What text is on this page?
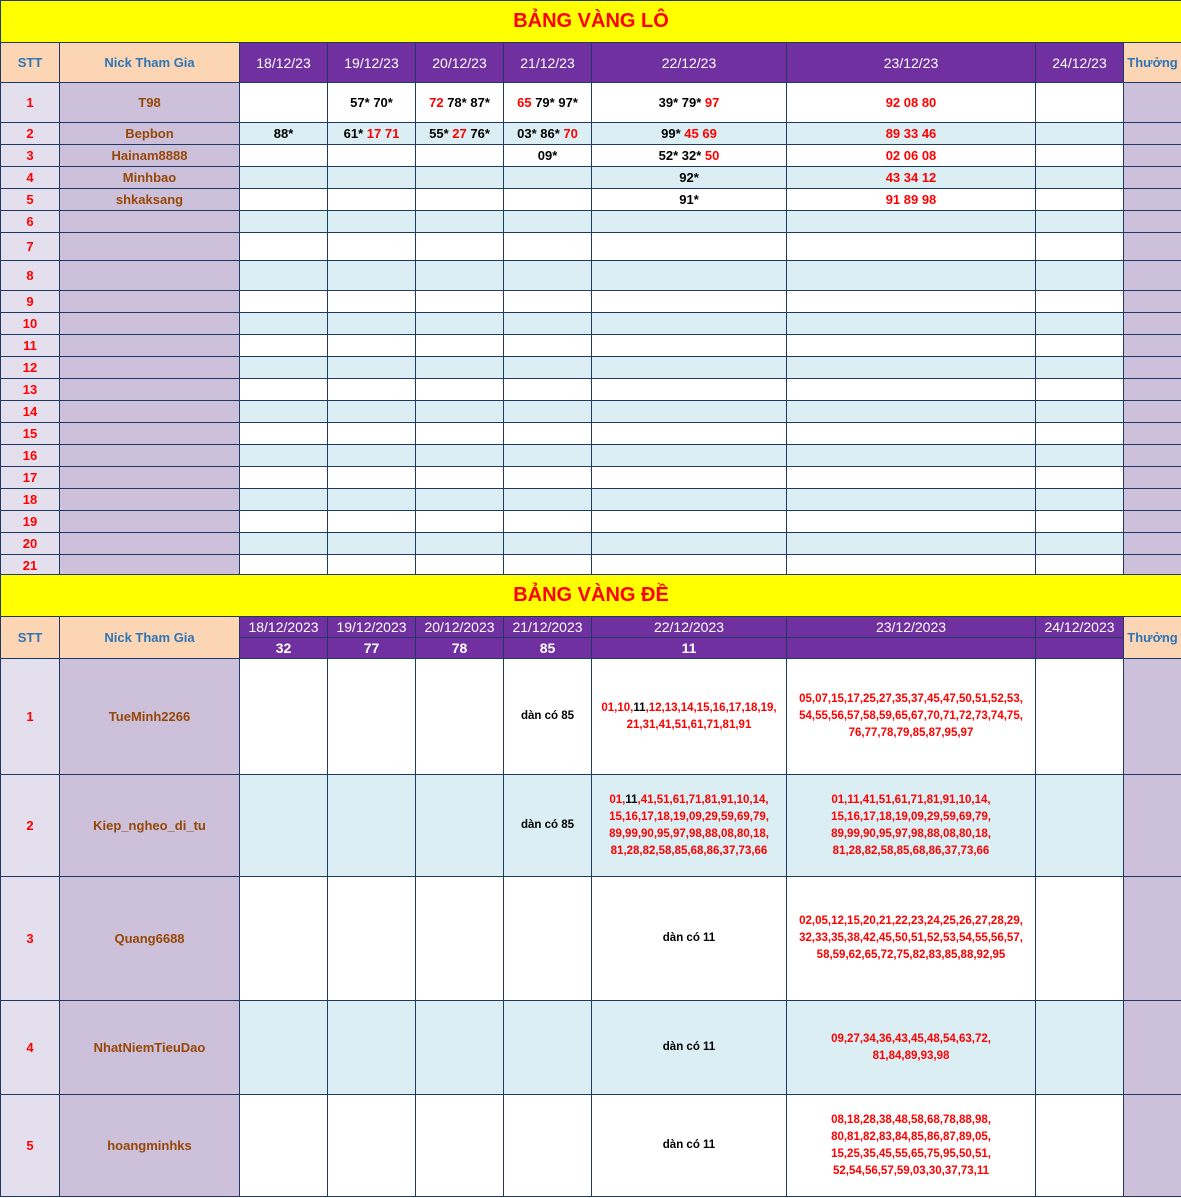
BẢNG VÀNG LÔ									
STT	Nick Tham Gia	18/12/23	19/12/23	20/12/23	21/12/23	22/12/23	23/12/23	24/12/23	Thưởng
1	T98		57* 70*	72 78* 87*	65 79* 97*	39* 79* 97	92 08 80		
2	Bepbon	88*	61* 17 71	55* 27 76*	03* 86* 70	99* 45 69	89 33 46		
3	Hainam8888				09*	52* 32* 50	02 06 08		
4	Minhbao					92*	43 34 12		
5	shkaksang					91*	91 89 98		
6									
7									
8									
9									
10									
11									
12									
13									
14									
15									
16									
17									
18									
19									
20									
21									
BẢNG VÀNG ĐỀ									
STT	Nick Tham Gia	18/12/2023	19/12/2023	20/12/2023	21/12/2023	22/12/2023	23/12/2023	24/12/2023	Thưởng
		32	77	78	85	11			
1	TueMinh2266				dàn có 85	01,10,11,12,13,14,15,16,17,18,19,
21,31,41,51,61,71,81,91	05,07,15,17,25,27,35,37,45,47,50,51,52,53,
54,55,56,57,58,59,65,67,70,71,72,73,74,75,
76,77,78,79,85,87,95,97		
2	Kiep_ngheo_di_tu				dàn có 85	01,11,41,51,61,71,81,91,10,14,
15,16,17,18,19,09,29,59,69,79,
89,99,90,95,97,98,88,08,80,18,
81,28,82,58,85,68,86,37,73,66	01,11,41,51,61,71,81,91,10,14,
15,16,17,18,19,09,29,59,69,79,
89,99,90,95,97,98,88,08,80,18,
81,28,82,58,85,68,86,37,73,66		
3	Quang6688					dàn có 11	02,05,12,15,20,21,22,23,24,25,26,27,28,29,
32,33,35,38,42,45,50,51,52,53,54,55,56,57,
58,59,62,65,72,75,82,83,85,88,92,95		
4	NhatNiemTieuDao					dàn có 11	09,27,34,36,43,45,48,54,63,72,
81,84,89,93,98		
5	hoangminhks					dàn có 11	08,18,28,38,48,58,68,78,88,98,
80,81,82,83,84,85,86,87,89,05,
15,25,35,45,55,65,75,95,50,51,
52,54,56,57,59,03,30,37,73,11		
